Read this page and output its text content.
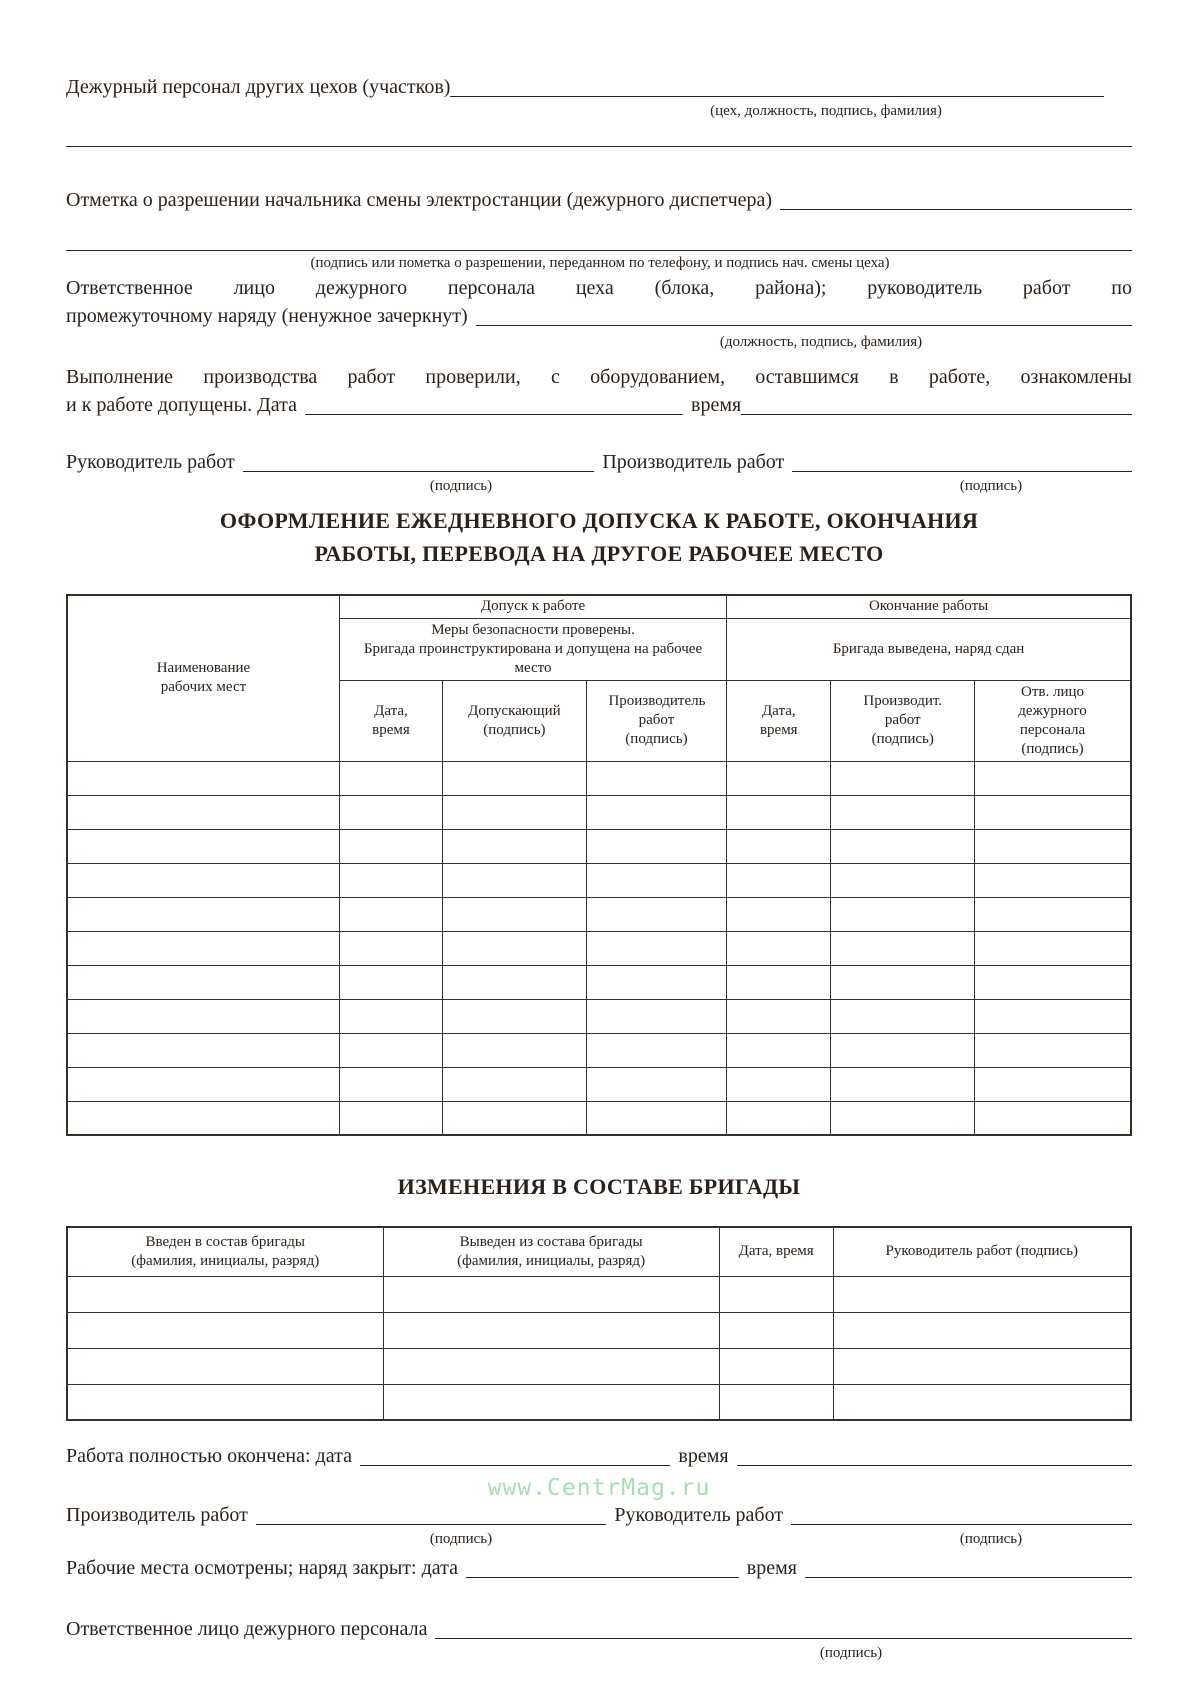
Дежурный персонал других цехов (участков)
(цех, должность, подпись, фамилия)
Отметка о разрешении начальника смены электростанции (дежурного диспетчера)
(подпись или пометка о разрешении, переданном по телефону, и подпись нач. смены цеха)
Ответственное лицо дежурного персонала цеха (блока, района); руководитель работ по
промежуточному наряду (ненужное зачеркнут)
(должность, подпись, фамилия)
Выполнение производства работ проверили, с оборудованием, оставшимся в работе, ознакомлены
и к работе допущены. Дата	время
Руководитель работ	Производитель работ
(подпись)	(подпись)
ОФОРМЛЕНИЕ ЕЖЕДНЕВНОГО ДОПУСКА К РАБОТЕ, ОКОНЧАНИЯ
РАБОТЫ, ПЕРЕВОДА НА ДРУГОЕ РАБОЧЕЕ МЕСТО
Наименование рабочих мест	Допуск к работе			Окончание работы		

	Меры безопасности проверены.
Бригада проинструктирована и допущена на рабочее место			Бригада выведена, наряд сдан		

	Дата, время	Допускающий (подпись)	Производитель работ (подпись)	Дата, время	Производит. работ (подпись)	Отв. лицо дежурного персонала (подпись)

ИЗМЕНЕНИЯ В СОСТАВЕ БРИГАДЫ
Введен в состав бригады (фамилия, инициалы, разряд)	Выведен из состава бригады (фамилия, инициалы, разряд)	Дата, время	Руководитель работ (подпись)

Работа полностью окончена: дата	время
www.CentrMag.ru
Производитель работ	Руководитель работ
(подпись)	(подпись)
Рабочие места осмотрены; наряд закрыт: дата	время
Ответственное лицо дежурного персонала
(подпись)
